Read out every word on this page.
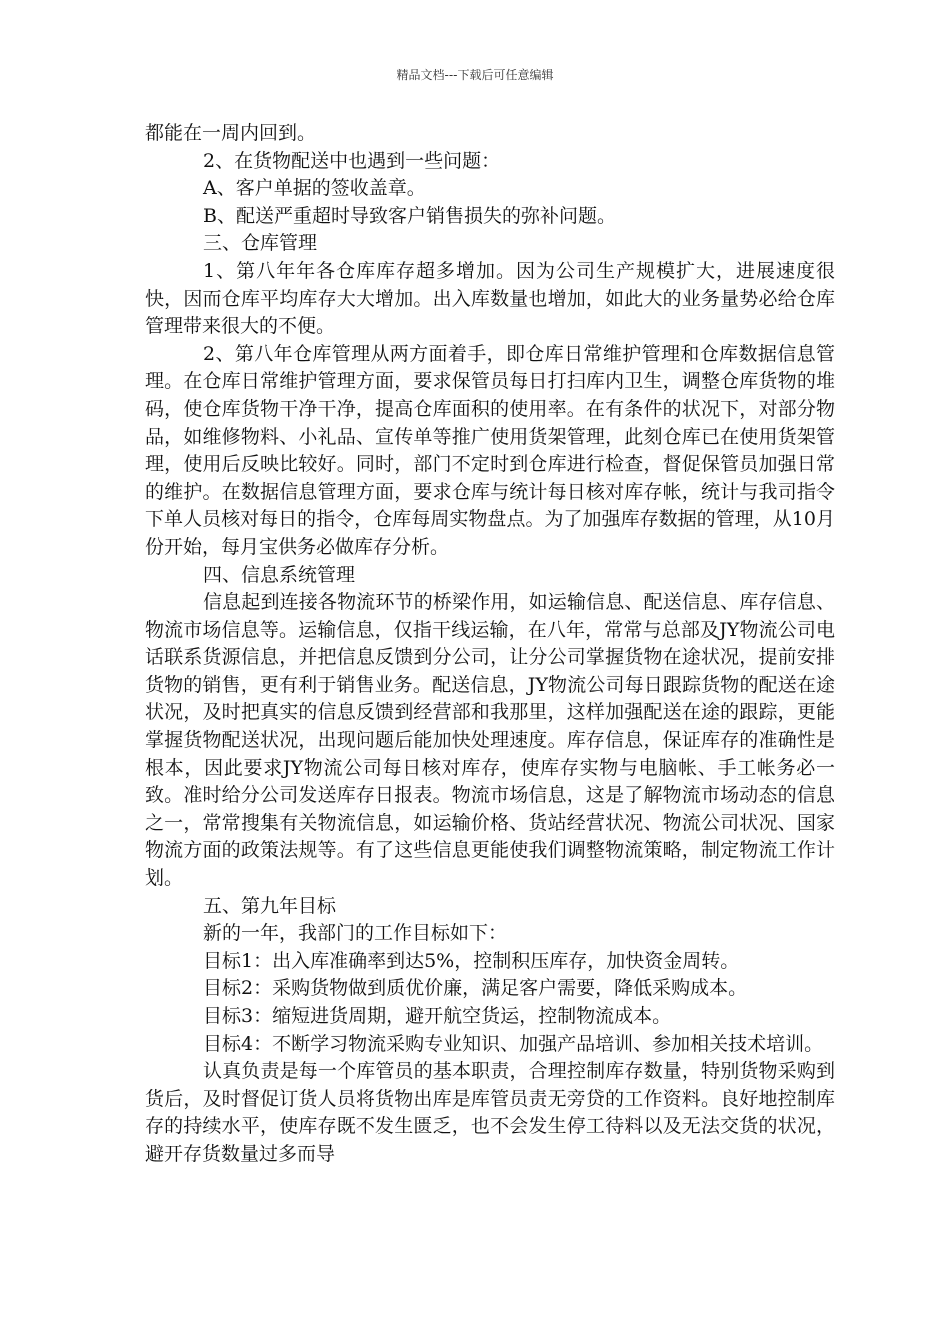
精品文档---下载后可任意编辑

都能在一周内回到。

2、在货物配送中也遇到一些问题：

A、客户单据的签收盖章。

B、配送严重超时导致客户销售损失的弥补问题。

三、仓库管理

1、第八年年各仓库库存超多增加。因为公司生产规模扩大，进展速度很快，因而仓库平均库存大大增加。出入库数量也增加，如此大的业务量势必给仓库管理带来很大的不便。

2、第八年仓库管理从两方面着手，即仓库日常维护管理和仓库数据信息管理。在仓库日常维护管理方面，要求保管员每日打扫库内卫生，调整仓库货物的堆码，使仓库货物干净干净，提高仓库面积的使用率。在有条件的状况下，对部分物品，如维修物料、小礼品、宣传单等推广使用货架管理，此刻仓库已在使用货架管理，使用后反映比较好。同时，部门不定时到仓库进行检查，督促保管员加强日常的维护。在数据信息管理方面，要求仓库与统计每日核对库存帐，统计与我司指令下单人员核对每日的指令，仓库每周实物盘点。为了加强库存数据的管理，从10月份开始，每月宝供务必做库存分析。

四、信息系统管理

信息起到连接各物流环节的桥梁作用，如运输信息、配送信息、库存信息、物流市场信息等。运输信息，仅指干线运输，在八年，常常与总部及JY物流公司电话联系货源信息，并把信息反馈到分公司，让分公司掌握货物在途状况，提前安排货物的销售，更有利于销售业务。配送信息，JY物流公司每日跟踪货物的配送在途状况，及时把真实的信息反馈到经营部和我那里，这样加强配送在途的跟踪，更能掌握货物配送状况，出现问题后能加快处理速度。库存信息，保证库存的准确性是根本，因此要求JY物流公司每日核对库存，使库存实物与电脑帐、手工帐务必一致。准时给分公司发送库存日报表。物流市场信息，这是了解物流市场动态的信息之一，常常搜集有关物流信息，如运输价格、货站经营状况、物流公司状况、国家物流方面的政策法规等。有了这些信息更能使我们调整物流策略，制定物流工作计划。

五、第九年目标

新的一年，我部门的工作目标如下：

目标1：出入库准确率到达5%，控制积压库存，加快资金周转。

目标2：采购货物做到质优价廉，满足客户需要，降低采购成本。

目标3：缩短进货周期，避开航空货运，控制物流成本。

目标4：不断学习物流采购专业知识、加强产品培训、参加相关技术培训。

认真负责是每一个库管员的基本职责，合理控制库存数量，特别货物采购到货后，及时督促订货人员将货物出库是库管员责无旁贷的工作资料。良好地控制库存的持续水平，使库存既不发生匮乏，也不会发生停工待料以及无法交货的状况，避开存货数量过多而导
